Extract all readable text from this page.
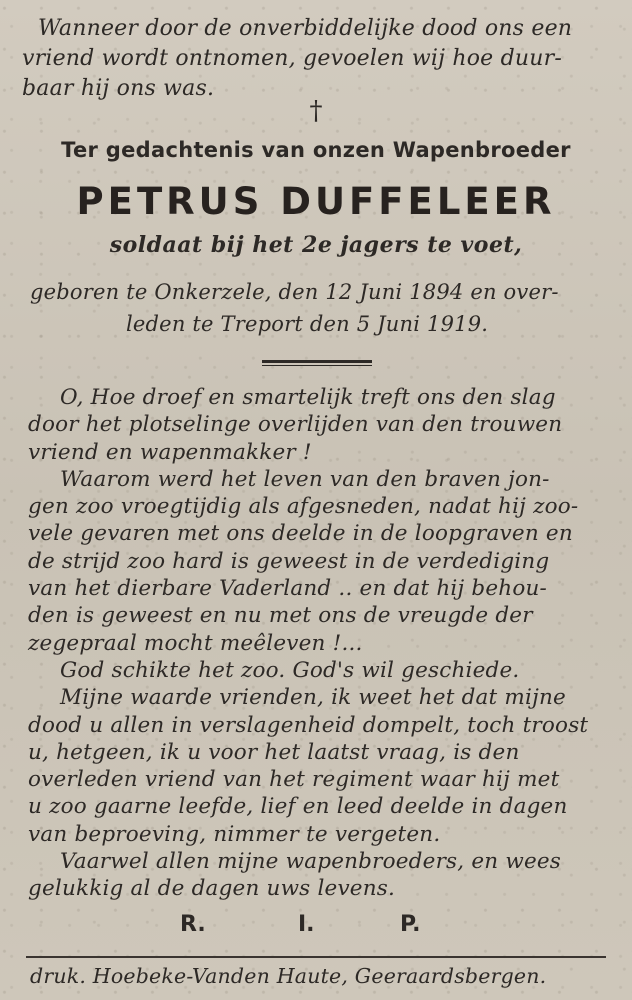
Wanneer door de onverbiddelijke dood ons een
vriend wordt ontnomen, gevoelen wij hoe duur-
baar hij ons was.
†
Ter gedachtenis van onzen Wapenbroeder
PETRUS DUFFELEER
soldaat bij het 2e jagers te voet,
geboren te Onkerzele, den 12 Juni 1894 en over-
leden te Treport den 5 Juni 1919.
O, Hoe droef en smartelijk treft ons den slag
door het plotselinge overlijden van den trouwen
vriend en wapenmakker !
Waarom werd het leven van den braven jon-
gen zoo vroegtijdig als afgesneden, nadat hij zoo-
vele gevaren met ons deelde in de loopgraven en
de strijd zoo hard is geweest in de verdediging
van het dierbare Vaderland .. en dat hij behou-
den is geweest en nu met ons de vreugde der
zegepraal mocht meêleven !...
God schikte het zoo. God's wil geschiede.
Mijne waarde vrienden, ik weet het dat mijne
dood u allen in verslagenheid dompelt, toch troost
u, hetgeen, ik u voor het laatst vraag, is den
overleden vriend van het regiment waar hij met
u zoo gaarne leefde, lief en leed deelde in dagen
van beproeving, nimmer te vergeten.
Vaarwel allen mijne wapenbroeders, en wees
gelukkig al de dagen uws levens.
R.	I.	P.
druk. Hoebeke-Vanden Haute, Geeraardsbergen.
